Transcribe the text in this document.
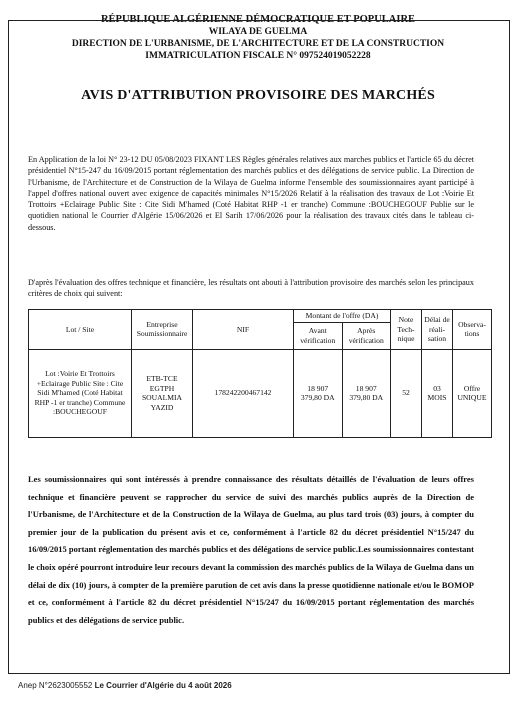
RÉPUBLIQUE ALGÉRIENNE DÉMOCRATIQUE ET POPULAIRE
WILAYA DE GUELMA
DIRECTION DE L'URBANISME, DE L'ARCHITECTURE ET DE LA CONSTRUCTION
IMMATRICULATION FISCALE N° 097524019052228
AVIS D'ATTRIBUTION PROVISOIRE DES MARCHÉS
En Application de la loi N° 23-12 DU 05/08/2023 FIXANT LES Règles générales relatives aux marches publics et l'article 65 du décret présidentiel N°15-247 du 16/09/2015 portant réglementation des marchés publics et des délégations de service public. La Direction de l'Urbanisme, de l'Architecture et de Construction de la Wilaya de Guelma informe l'ensemble des soumissionnaires ayant participé à l'appel d'offres national ouvert avec exigence de capacités minimales N°15/2026 Relatif à la réalisation des travaux de Lot :Voirie Et Trottoirs +Eclairage Public Site : Cite Sidi M'hamed (Coté Habitat RHP -1 er tranche) Commune :BOUCHEGOUF Publie sur le quotidien national le Courrier d'Algérie 15/06/2026 et El Sarih 17/06/2026 pour la réalisation des travaux cités dans le tableau ci-dessous.
D'après l'évaluation des offres technique et financière, les résultats ont abouti à l'attribution provisoire des marchés selon les principaux critères de choix qui suivent:
Lot / Site	Entreprise Soumissionnaire	NIF	Montant de l'offre (DA)		Note Tech-nique	Délai de réali-sation	Observa-tions
			Avant vérification	Après vérification			
Lot :Voirie Et Trottoirs +Eclairage Public Site : Cite Sidi M'hamed (Coté Habitat RHP -1 er tranche) Commune :BOUCHEGOUF	ETB-TCE EGTPH SOUALMIA YAZID	178242200467142	18 907 379,80 DA	18 907 379,80 DA	52	03 MOIS	Offre UNIQUE
Les soumissionnaires qui sont intéressés à prendre connaissance des résultats détaillés de l'évaluation de leurs offres technique et financière peuvent se rapprocher du service de suivi des marchés publics auprès de la Direction de l'Urbanisme, de l'Architecture et de la Construction de la Wilaya de Guelma, au plus tard trois (03) jours, à compter du premier jour de la publication du présent avis et ce, conformément à l'article 82 du décret présidentiel N°15/247 du 16/09/2015 portant réglementation des marchés publics et des délégations de service public.Les soumissionnaires contestant le choix opéré pourront introduire leur recours devant la commission des marchés publics de la Wilaya de Guelma dans un délai de dix (10) jours, à compter de la première parution de cet avis dans la presse quotidienne nationale et/ou le BOMOP et ce, conformément à l'article 82 du décret présidentiel N°15/247 du 16/09/2015 portant réglementation des marchés publics et des délégations de service public.
Anep N°2623005552 Le Courrier d'Algérie du 4 août 2026
